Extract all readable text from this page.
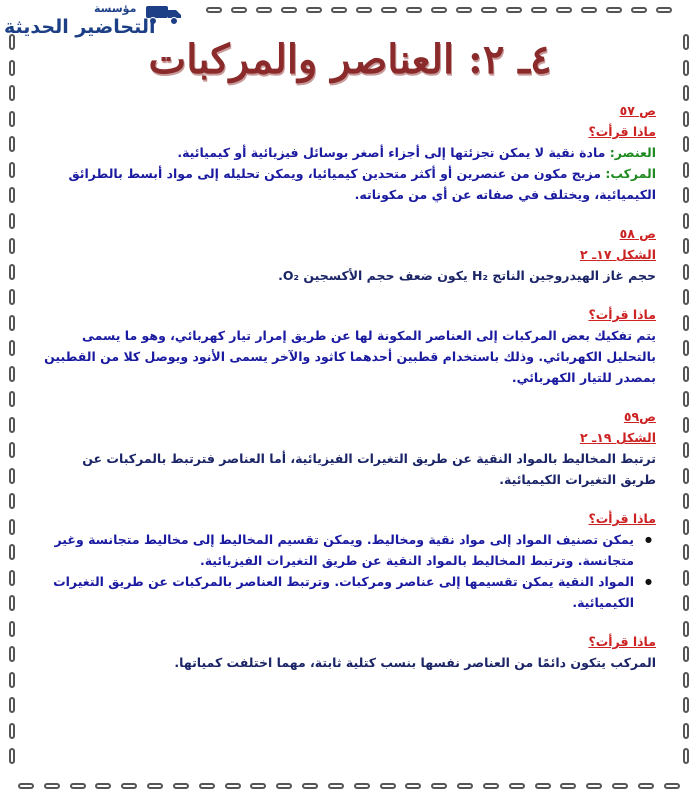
مؤسسة
التحاضير الحديثة
٤ـ ٢: العناصر والمركبات

ص ٥٧

ماذا قرأت؟

العنصر: مادة نقية لا يمكن تجزئتها إلى أجزاء أصغر بوسائل فيزيائية أو كيميائية.

المركب: مزيج مكون من عنصرين أو أكثر متحدين كيميائيا، ويمكن تحليله إلى مواد أبسط بالطرائق الكيميائية، ويختلف في صفاته عن أي من مكوناته.

ص ٥٨

الشكل ١٧ـ ٢

حجم غاز الهيدروجين الناتج H₂ يكون ضعف حجم الأكسجين O₂.

ماذا قرأت؟

يتم تفكيك بعض المركبات إلى العناصر المكونة لها عن طريق إمرار تيار كهربائي، وهو ما يسمى بالتحليل الكهربائي. وذلك باستخدام قطبين أحدهما كاثود والآخر يسمى الأنود ويوصل كلا من القطبين بمصدر للتيار الكهربائي.

ص٥٩

الشكل ١٩ـ ٢

ترتبط المخاليط بالمواد النقية عن طريق التغيرات الفيزيائية، أما العناصر فترتبط بالمركبات عن طريق التغيرات الكيميائية.

ماذا قرأت؟

● يمكن تصنيف المواد إلى مواد نقية ومخاليط. ويمكن تقسيم المخاليط إلى مخاليط متجانسة وغير متجانسة. وترتبط المخاليط بالمواد النقية عن طريق التغيرات الفيزيائية.
● المواد النقية يمكن تقسيمها إلى عناصر ومركبات. وترتبط العناصر بالمركبات عن طريق التغيرات الكيميائية.

ماذا قرأت؟

المركب يتكون دائمًا من العناصر نفسها بنسب كتلية ثابتة، مهما اختلفت كمياتها.
